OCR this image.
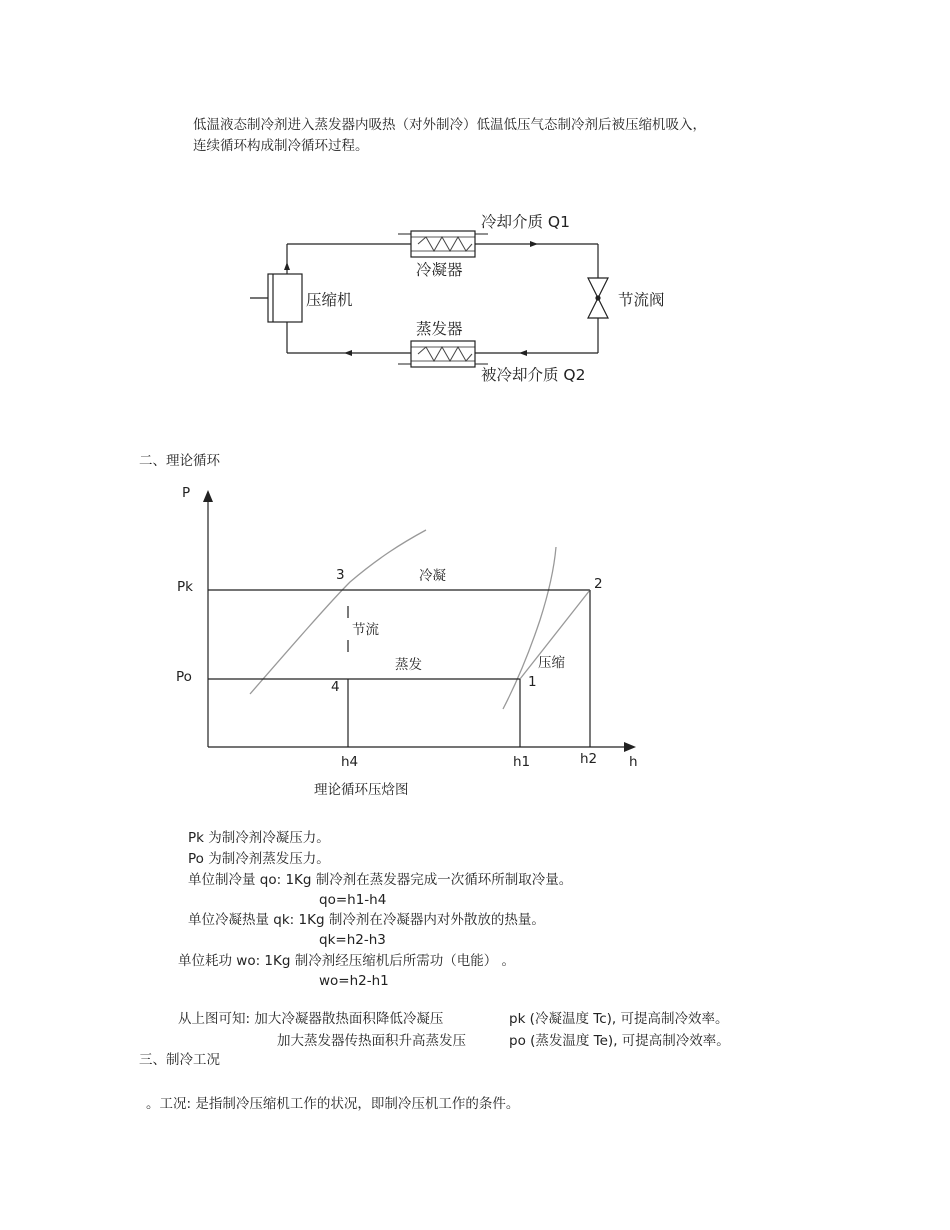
低温液态制冷剂进入蒸发器内吸热（对外制冷）低温低压气态制冷剂后被压缩机吸入，
连续循环构成制冷循环过程。
冷却介质 Q1
冷凝器
压缩机	节流阀
蒸发器
被冷却介质 Q2
P
h
Pk
Po
3
2
4	1
冷凝
节流
蒸发	压缩
h4	h1	h2
理论循环压焓图
二、理论循环
Pk 为制冷剂冷凝压力。
Po 为制冷剂蒸发压力。
单位制冷量 qo: 1Kg 制冷剂在蒸发器完成一次循环所制取冷量。
qo=h1-h4
单位冷凝热量 qk: 1Kg 制冷剂在冷凝器内对外散放的热量。
qk=h2-h3
单位耗功 wo: 1Kg 制冷剂经压缩机后所需功（电能） 。
wo=h2-h1
从上图可知: 加大冷凝器散热面积降低冷凝压	pk (冷凝温度 Tc), 可提高制冷效率。
加大蒸发器传热面积升高蒸发压	po (蒸发温度 Te), 可提高制冷效率。
三、制冷工况
。工况: 是指制冷压缩机工作的状况，即制冷压机工作的条件。
